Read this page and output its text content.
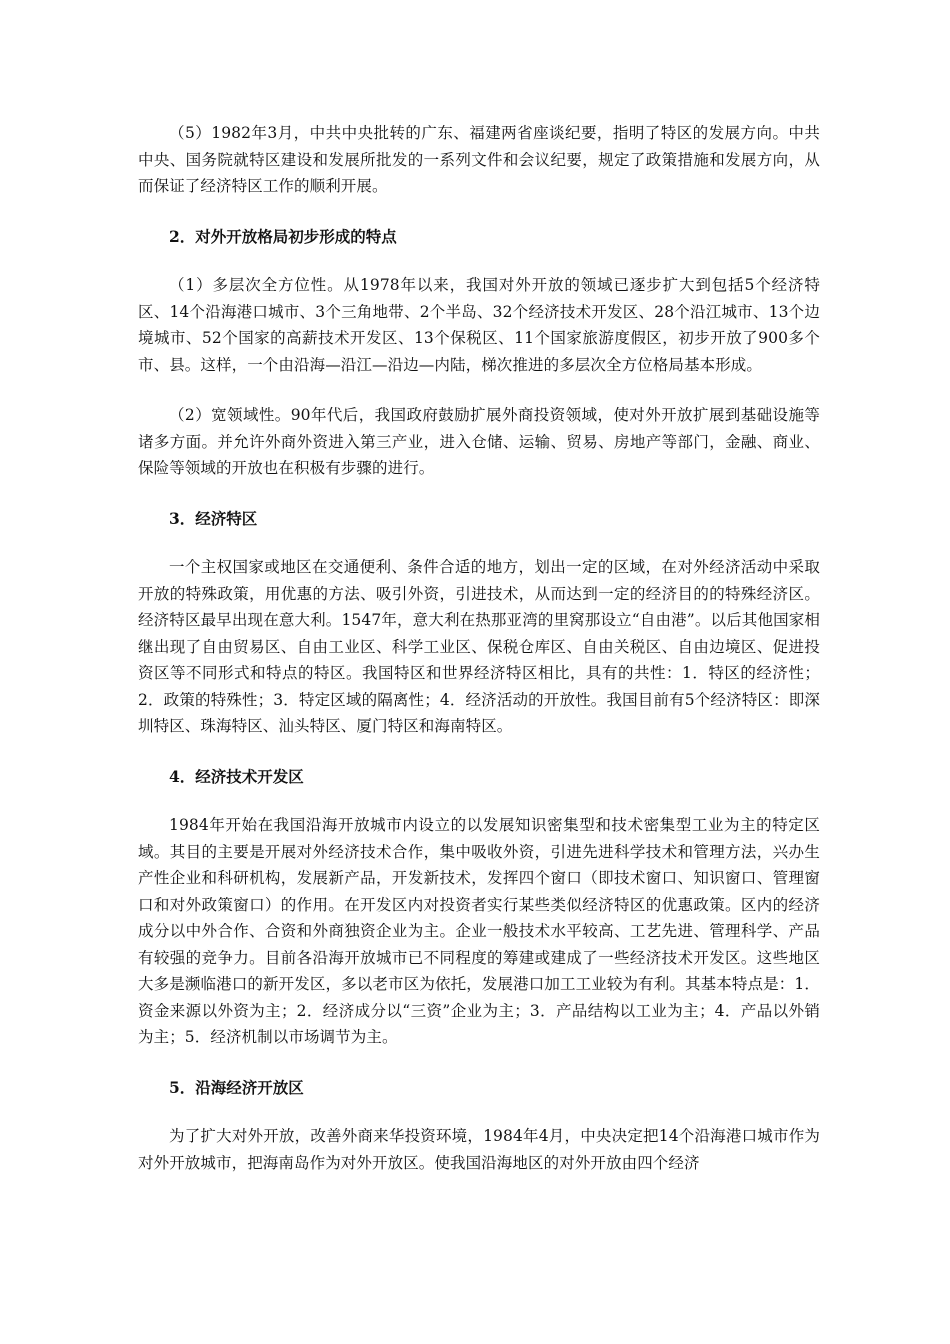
（5）1982年3月，中共中央批转的广东、福建两省座谈纪要，指明了特区的发展方向。中共中央、国务院就特区建设和发展所批发的一系列文件和会议纪要，规定了政策措施和发展方向，从而保证了经济特区工作的顺利开展。

2．对外开放格局初步形成的特点

（1）多层次全方位性。从1978年以来，我国对外开放的领域已逐步扩大到包括5个经济特区、14个沿海港口城市、3个三角地带、2个半岛、32个经济技术开发区、28个沿江城市、13个边境城市、52个国家的高薪技术开发区、13个保税区、11个国家旅游度假区，初步开放了900多个市、县。这样，一个由沿海—沿江—沿边—内陆，梯次推进的多层次全方位格局基本形成。

（2）宽领域性。90年代后，我国政府鼓励扩展外商投资领域，使对外开放扩展到基础设施等诸多方面。并允许外商外资进入第三产业，进入仓储、运输、贸易、房地产等部门，金融、商业、保险等领域的开放也在积极有步骤的进行。

3．经济特区

一个主权国家或地区在交通便利、条件合适的地方，划出一定的区域，在对外经济活动中采取开放的特殊政策，用优惠的方法、吸引外资，引进技术，从而达到一定的经济目的的特殊经济区。经济特区最早出现在意大利。1547年，意大利在热那亚湾的里窝那设立“自由港”。以后其他国家相继出现了自由贸易区、自由工业区、科学工业区、保税仓库区、自由关税区、自由边境区、促进投资区等不同形式和特点的特区。我国特区和世界经济特区相比，具有的共性：1．特区的经济性；2．政策的特殊性；3．特定区域的隔离性；4．经济活动的开放性。我国目前有5个经济特区：即深圳特区、珠海特区、汕头特区、厦门特区和海南特区。

4．经济技术开发区

1984年开始在我国沿海开放城市内设立的以发展知识密集型和技术密集型工业为主的特定区域。其目的主要是开展对外经济技术合作，集中吸收外资，引进先进科学技术和管理方法，兴办生产性企业和科研机构，发展新产品，开发新技术，发挥四个窗口（即技术窗口、知识窗口、管理窗口和对外政策窗口）的作用。在开发区内对投资者实行某些类似经济特区的优惠政策。区内的经济成分以中外合作、合资和外商独资企业为主。企业一般技术水平较高、工艺先进、管理科学、产品有较强的竞争力。目前各沿海开放城市已不同程度的筹建或建成了一些经济技术开发区。这些地区大多是濒临港口的新开发区，多以老市区为依托，发展港口加工工业较为有利。其基本特点是：1．资金来源以外资为主；2．经济成分以“三资”企业为主；3．产品结构以工业为主；4．产品以外销为主；5．经济机制以市场调节为主。

5．沿海经济开放区

为了扩大对外开放，改善外商来华投资环境，1984年4月，中央决定把14个沿海港口城市作为对外开放城市，把海南岛作为对外开放区。使我国沿海地区的对外开放由四个经济
